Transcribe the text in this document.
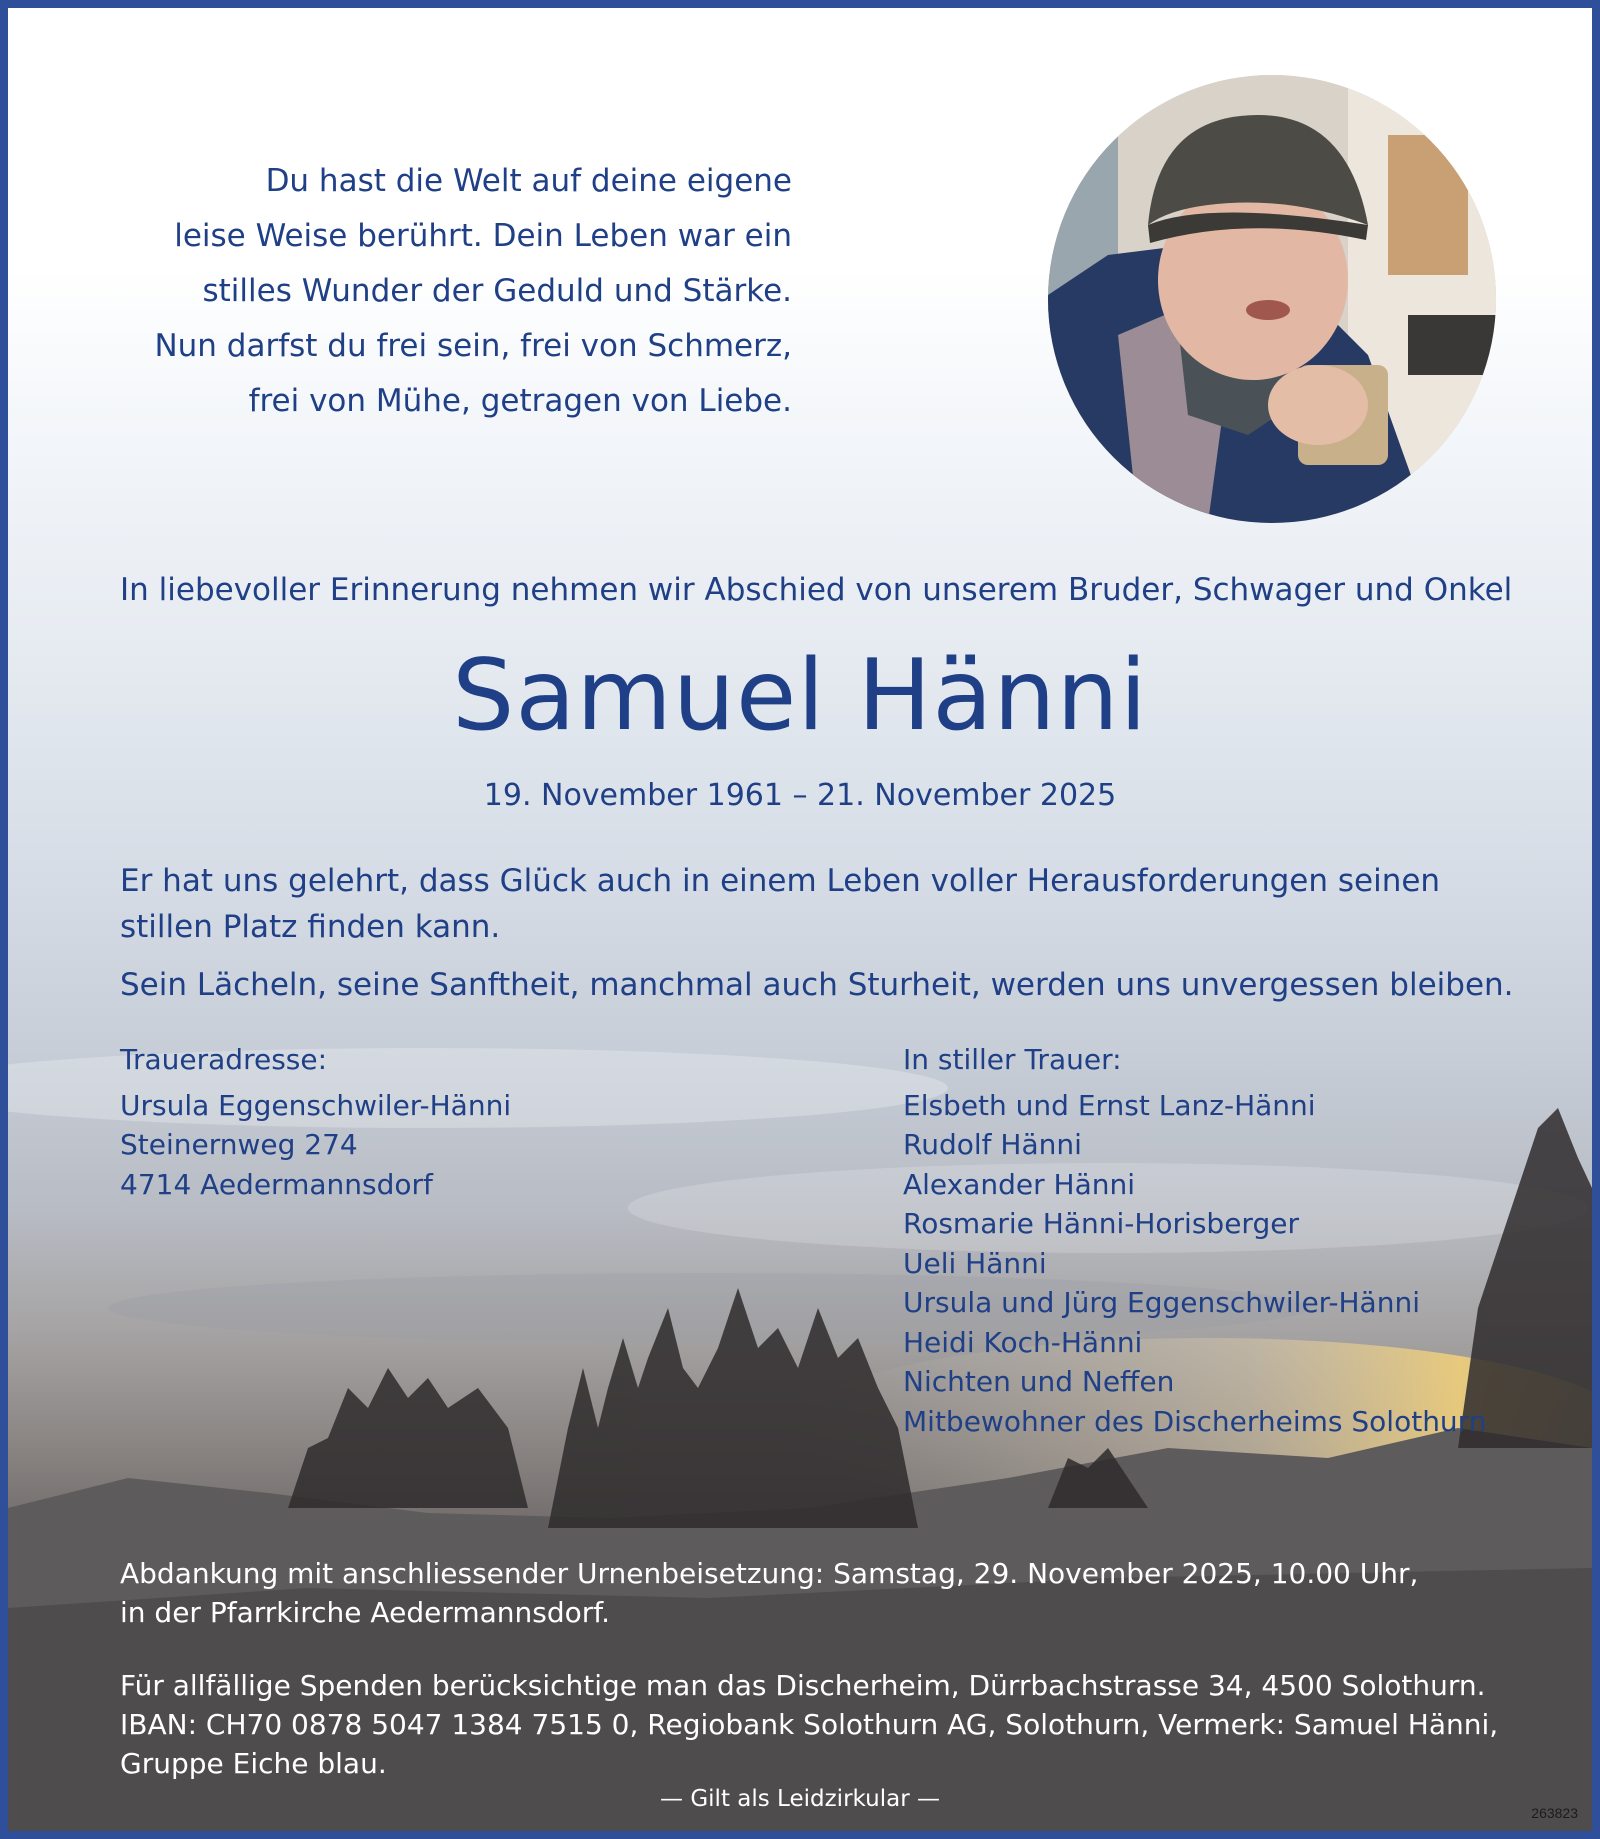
Du hast die Welt auf deine eigene
leise Weise berührt. Dein Leben war ein
stilles Wunder der Geduld und Stärke.
Nun darfst du frei sein, frei von Schmerz,
frei von Mühe, getragen von Liebe.
In liebevoller Erinnerung nehmen wir Abschied von unserem Bruder, Schwager und Onkel
Samuel Hänni
19. November 1961 – 21. November 2025

Er hat uns gelehrt, dass Glück auch in einem Leben voller Herausforderungen seinen stillen Platz finden kann.

Sein Lächeln, seine Sanftheit, manchmal auch Sturheit, werden uns unvergessen bleiben.

Traueradresse:
Ursula Eggenschwiler-Hänni
Steinernweg 274
4714 Aedermannsdorf
In stiller Trauer:
Elsbeth und Ernst Lanz-Hänni
Rudolf Hänni
Alexander Hänni
Rosmarie Hänni-Horisberger
Ueli Hänni
Ursula und Jürg Eggenschwiler-Hänni
Heidi Koch-Hänni
Nichten und Neffen
Mitbewohner des Discherheims Solothurn
Abdankung mit anschliessender Urnenbeisetzung: Samstag, 29. November 2025, 10.00 Uhr,
in der Pfarrkirche Aedermannsdorf.
Für allfällige Spenden berücksichtige man das Discherheim, Dürrbachstrasse 34, 4500 Solothurn.
IBAN: CH70 0878 5047 1384 7515 0, Regiobank Solothurn AG, Solothurn, Vermerk: Samuel Hänni,
Gruppe Eiche blau.
— Gilt als Leidzirkular —
263823
